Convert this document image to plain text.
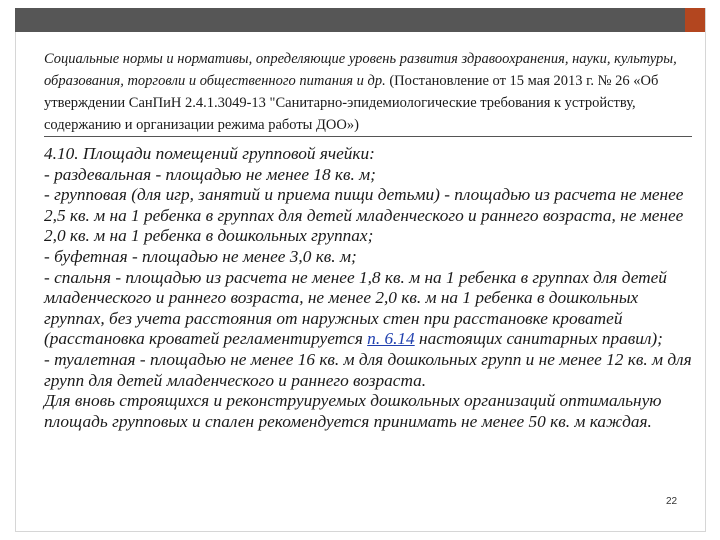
Социальные нормы и нормативы, определяющие уровень развития здравоохранения, науки, культуры, образования, торговли и общественного питания и др. (Постановление от 15 мая 2013 г. № 26 «Об утверждении СанПиН 2.4.1.3049-13 "Санитарно-эпидемиологические требования к устройству, содержанию и организации режима работы ДОО»)

4.10. Площади помещений групповой ячейки:

- раздевальная - площадью не менее 18 кв. м;

- групповая (для игр, занятий и приема пищи детьми) - площадью из расчета не менее 2,5 кв. м на 1 ребенка в группах для детей младенческого и раннего возраста, не менее 2,0 кв. м на 1 ребенка в дошкольных группах;

- буфетная - площадью не менее 3,0 кв. м;

- спальня - площадью из расчета не менее 1,8 кв. м на 1 ребенка в группах для детей младенческого и раннего возраста, не менее 2,0 кв. м на 1 ребенка в дошкольных группах, без учета расстояния от наружных стен при расстановке кроватей (расстановка кроватей регламентируется п. 6.14 настоящих санитарных правил);

- туалетная - площадью не менее 16 кв. м для дошкольных групп и не менее 12 кв. м для групп для детей младенческого и раннего возраста.

Для вновь строящихся и реконструируемых дошкольных организаций оптимальную площадь групповых и спален рекомендуется принимать не менее 50 кв. м каждая.

22
